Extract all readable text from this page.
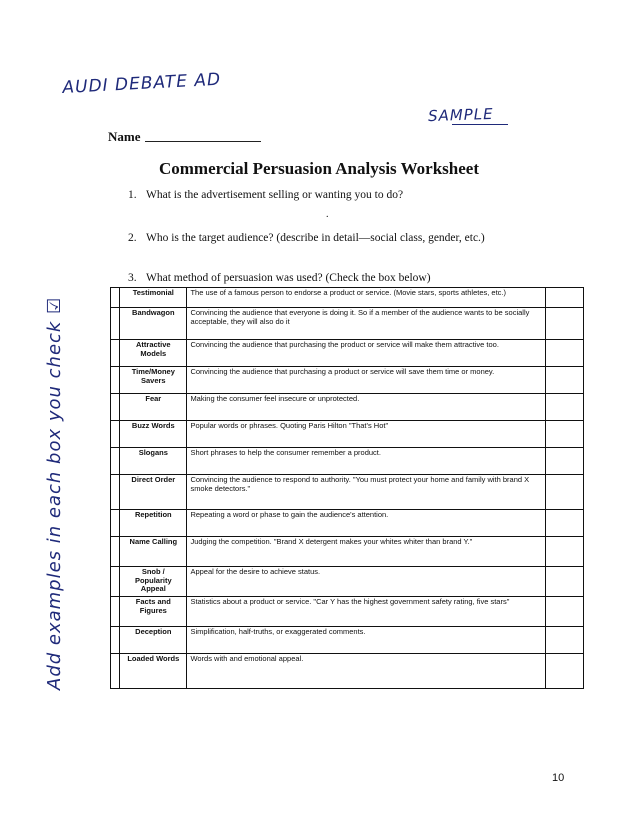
AUDI DEBATE AD
SAMPLE
Add examples in each box you check ☑
Name
Commercial Persuasion Analysis Worksheet
1. What is the advertisement selling or wanting you to do?
.
2. Who is the target audience? (describe in detail—social class, gender, etc.)
3. What method of persuasion was used? (Check the box below)
	Testimonial	The use of a famous person to endorse a product or service. (Movie stars, sports athletes, etc.)	
	Bandwagon	Convincing the audience that everyone is doing it. So if a member of the audience wants to be socially acceptable, they will also do it	
	Attractive Models	Convincing the audience that purchasing the product or service will make them attractive too.	
	Time/Money Savers	Convincing the audience that purchasing a product or service will save them time or money.	
	Fear	Making the consumer feel insecure or unprotected.	
	Buzz Words	Popular words or phrases. Quoting Paris Hilton "That's Hot"	
	Slogans	Short phrases to help the consumer remember a product.	
	Direct Order	Convincing the audience to respond to authority. "You must protect your home and family with brand X smoke detectors."	
	Repetition	Repeating a word or phase to gain the audience's attention.	
	Name Calling	Judging the competition. "Brand X detergent makes your whites whiter than brand Y."	
	Snob / Popularity Appeal	Appeal for the desire to achieve status.	
	Facts and Figures	Statistics about a product or service. "Car Y has the highest government safety rating, five stars"	
	Deception	Simplification, half-truths, or exaggerated comments.	
	Loaded Words	Words with and emotional appeal.	
10
